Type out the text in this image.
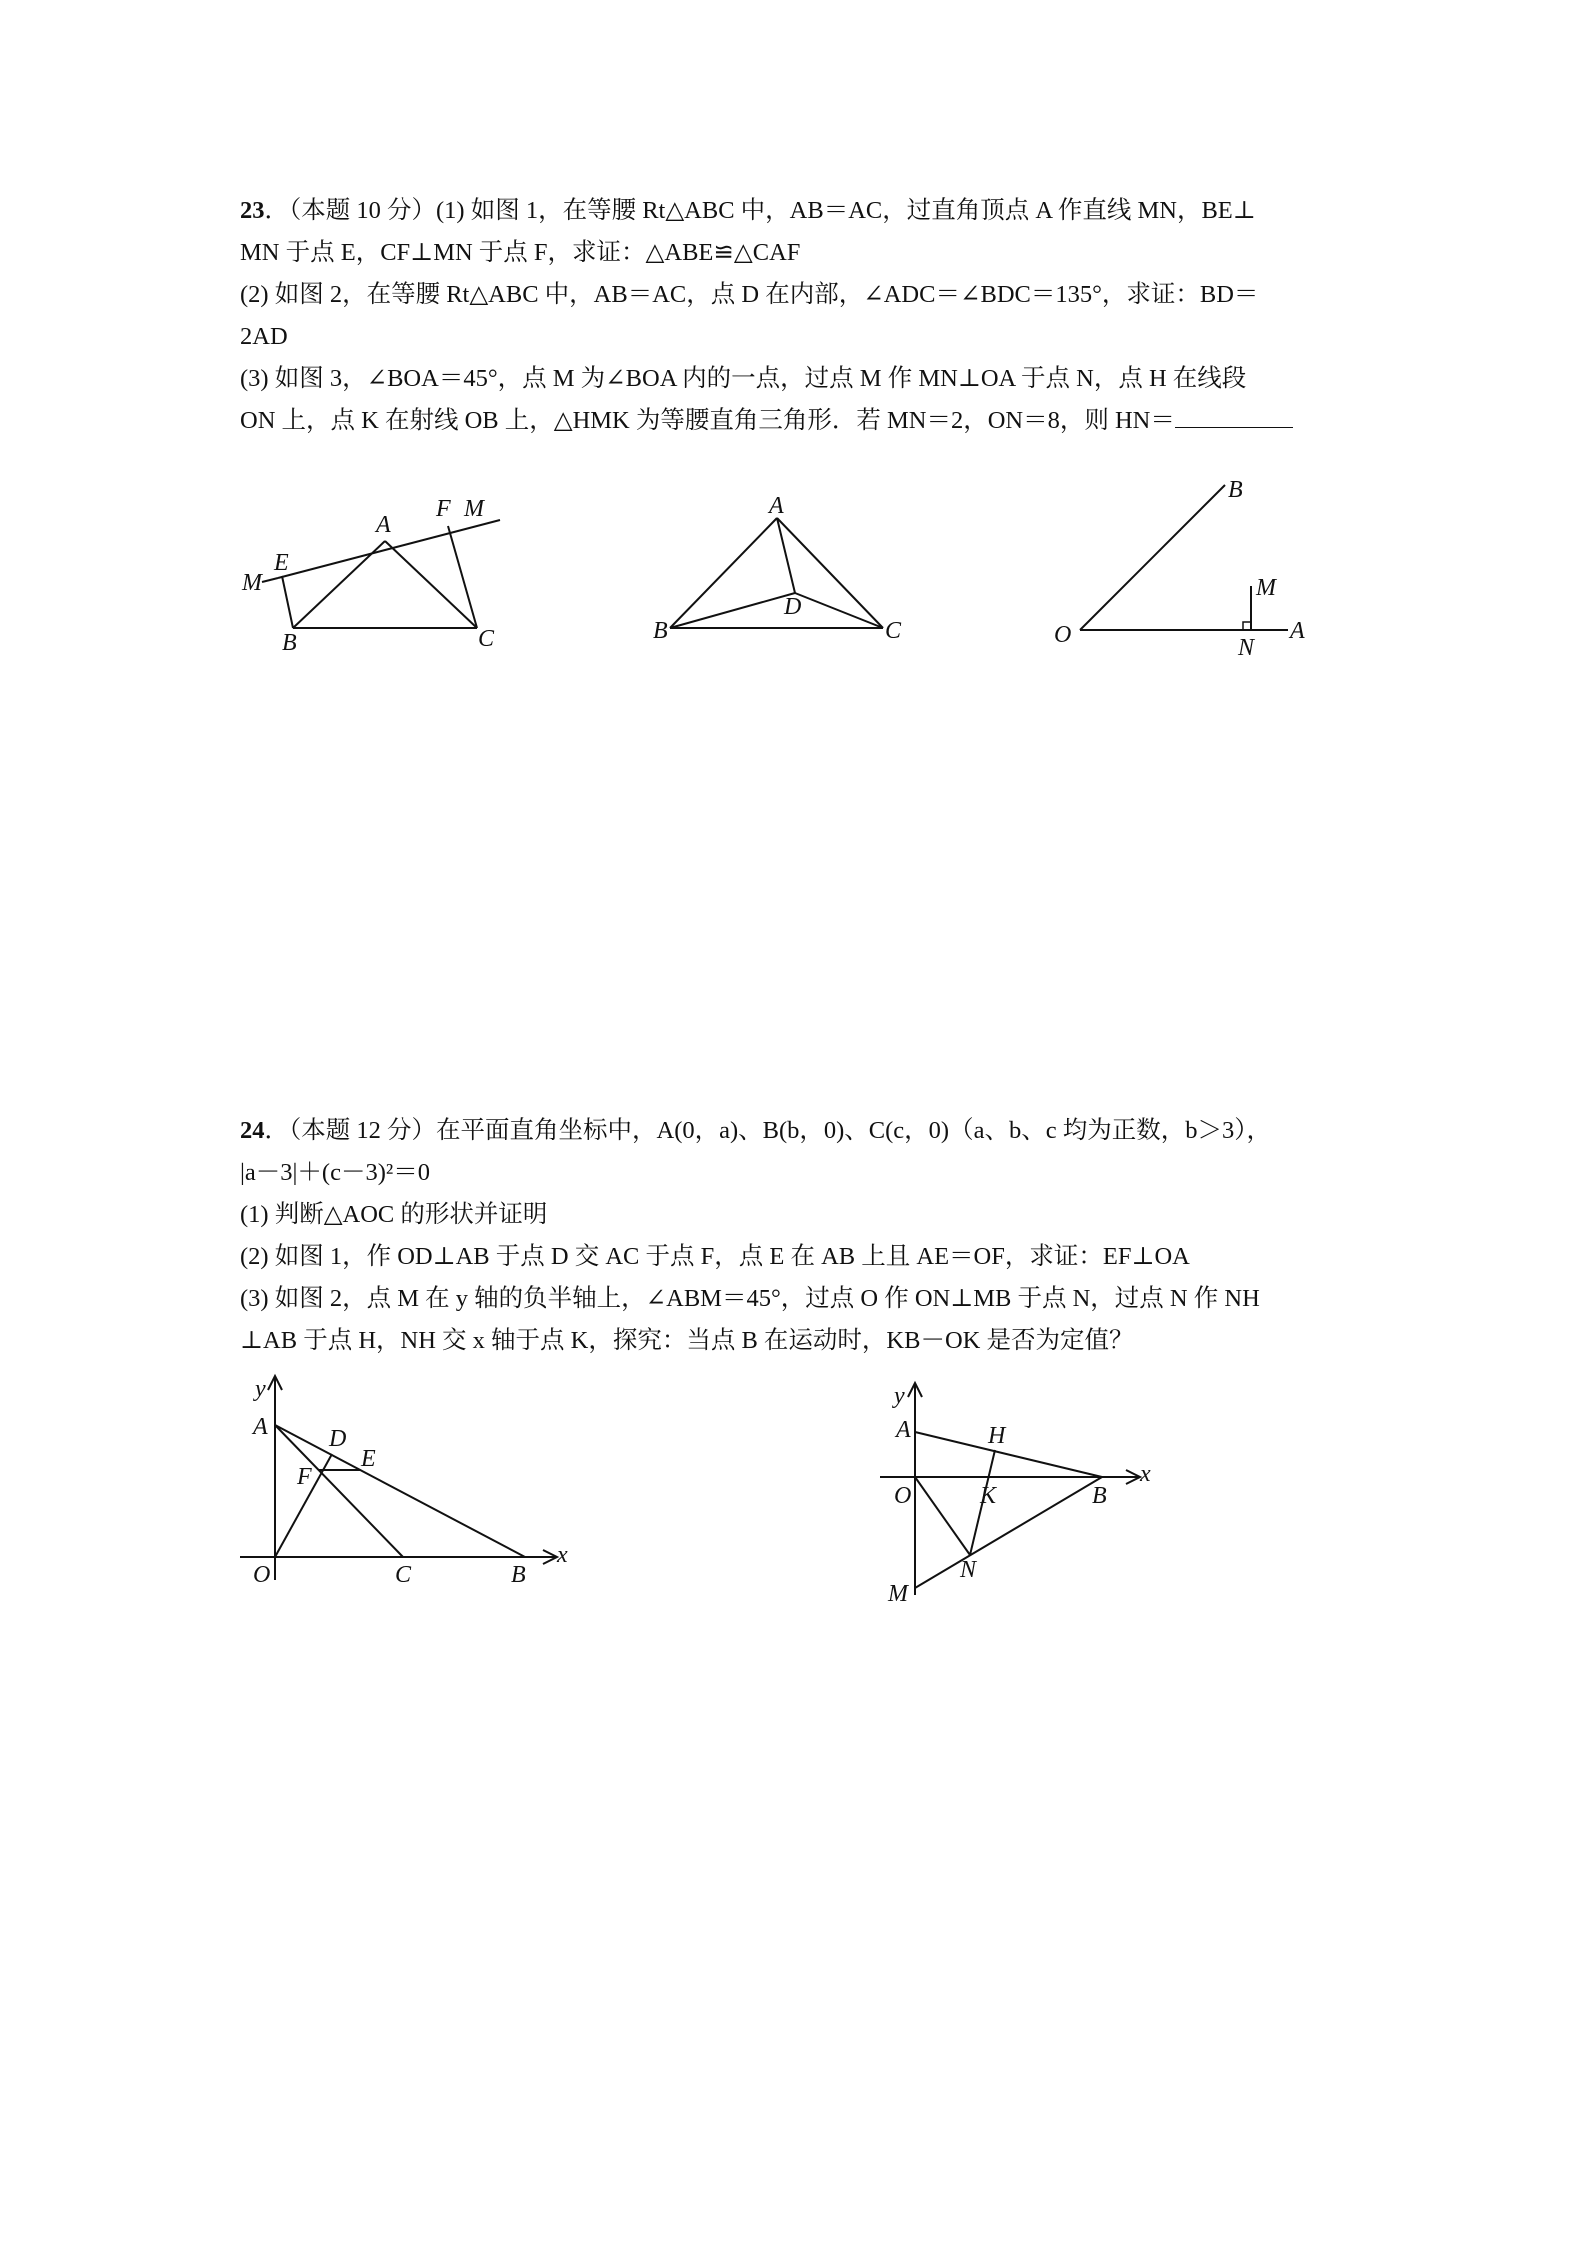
23．（本题 10 分）(1) 如图 1，在等腰 Rt△ABC 中，AB＝AC，过直角顶点 A 作直线 MN，BE⊥
MN 于点 E，CF⊥MN 于点 F，求证：△ABE≌△CAF
(2) 如图 2，在等腰 Rt△ABC 中，AB＝AC，点 D 在内部，∠ADC＝∠BDC＝135°，求证：BD＝
2AD
(3) 如图 3，∠BOA＝45°，点 M 为∠BOA 内的一点，过点 M 作 MN⊥OA 于点 N，点 H 在线段
ON 上，点 K 在射线 OB 上，△HMK 为等腰直角三角形．若 MN＝2，ON＝8，则 HN＝
M
E
A
F M
B	C
A
B	C
D
B
M
O	N
A
24．（本题 12 分）在平面直角坐标中，A(0，a)、B(b，0)、C(c，0)（a、b、c 均为正数，b＞3），
|a－3|＋(c－3)²＝0
(1) 判断△AOC 的形状并证明
(2) 如图 1，作 OD⊥AB 于点 D 交 AC 于点 F，点 E 在 AB 上且 AE＝OF，求证：EF⊥OA
(3) 如图 2，点 M 在 y 轴的负半轴上，∠ABM＝45°，过点 O 作 ON⊥MB 于点 N，过点 N 作 NH
⊥AB 于点 H，NH 交 x 轴于点 K，探究：当点 B 在运动时，KB－OK 是否为定值？
y
A	D
E
F
O	C	B
x
y
A	H
O	K	B
x
N
M
